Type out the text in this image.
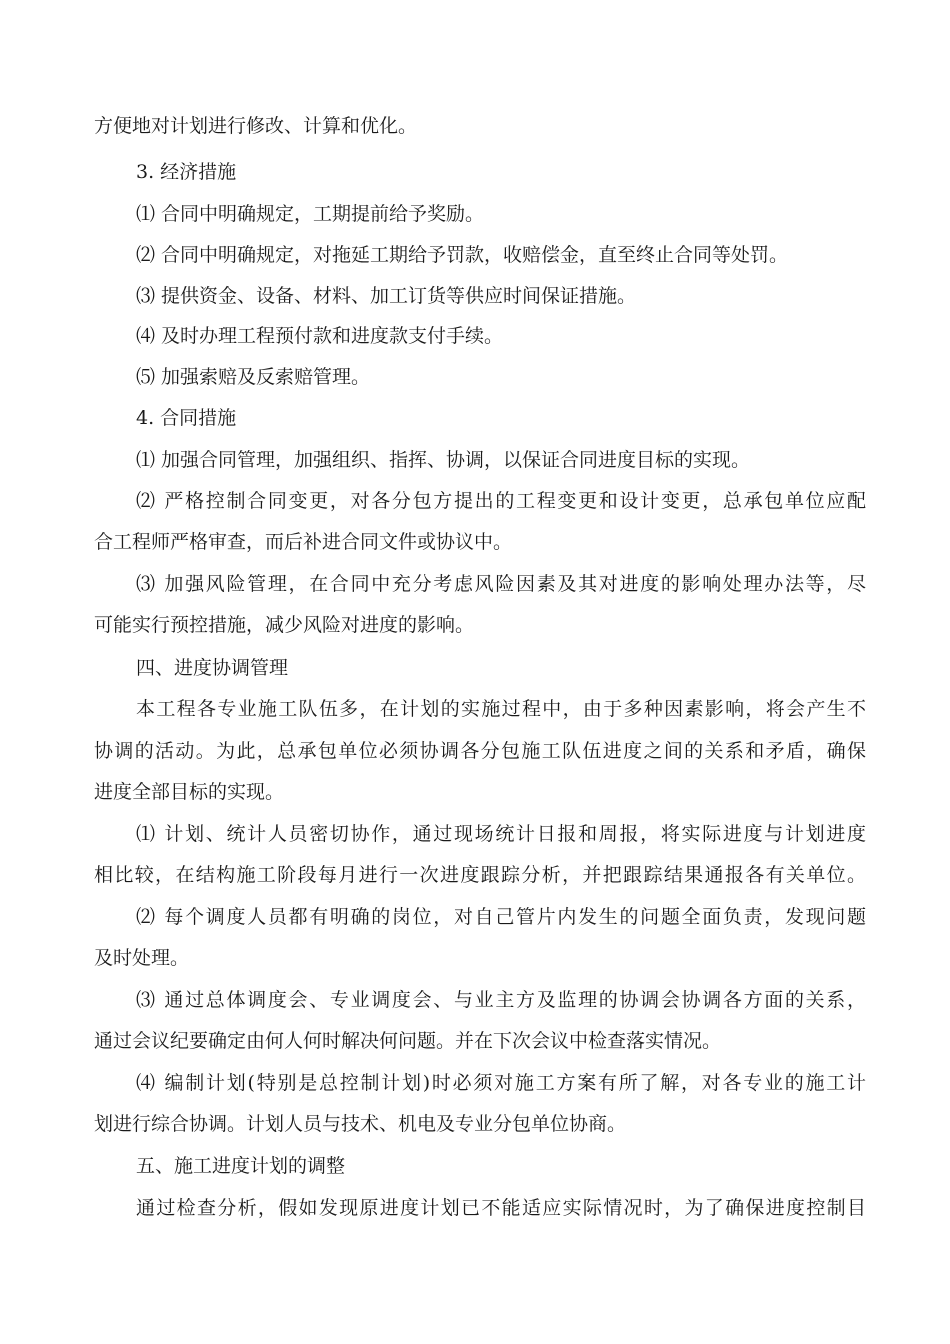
方便地对计划进行修改、计算和优化。

3. 经济措施

⑴ 合同中明确规定，工期提前给予奖励。

⑵ 合同中明确规定，对拖延工期给予罚款，收赔偿金，直至终止合同等处罚。

⑶ 提供资金、设备、材料、加工订货等供应时间保证措施。

⑷ 及时办理工程预付款和进度款支付手续。

⑸ 加强索赔及反索赔管理。

4. 合同措施

⑴ 加强合同管理，加强组织、指挥、协调，以保证合同进度目标的实现。

⑵ 严格控制合同变更，对各分包方提出的工程变更和设计变更，总承包单位应配

合工程师严格审查，而后补进合同文件或协议中。

⑶ 加强风险管理，在合同中充分考虑风险因素及其对进度的影响处理办法等，尽

可能实行预控措施，减少风险对进度的影响。

四、进度协调管理

本工程各专业施工队伍多，在计划的实施过程中，由于多种因素影响，将会产生不

协调的活动。为此，总承包单位必须协调各分包施工队伍进度之间的关系和矛盾，确保

进度全部目标的实现。

⑴ 计划、统计人员密切协作，通过现场统计日报和周报，将实际进度与计划进度

相比较，在结构施工阶段每月进行一次进度跟踪分析，并把跟踪结果通报各有关单位。

⑵ 每个调度人员都有明确的岗位，对自己管片内发生的问题全面负责，发现问题

及时处理。

⑶ 通过总体调度会、专业调度会、与业主方及监理的协调会协调各方面的关系，

通过会议纪要确定由何人何时解决何问题。并在下次会议中检查落实情况。

⑷ 编制计划(特别是总控制计划)时必须对施工方案有所了解，对各专业的施工计

划进行综合协调。计划人员与技术、机电及专业分包单位协商。

五、施工进度计划的调整

通过检查分析，假如发现原进度计划已不能适应实际情况时，为了确保进度控制目
